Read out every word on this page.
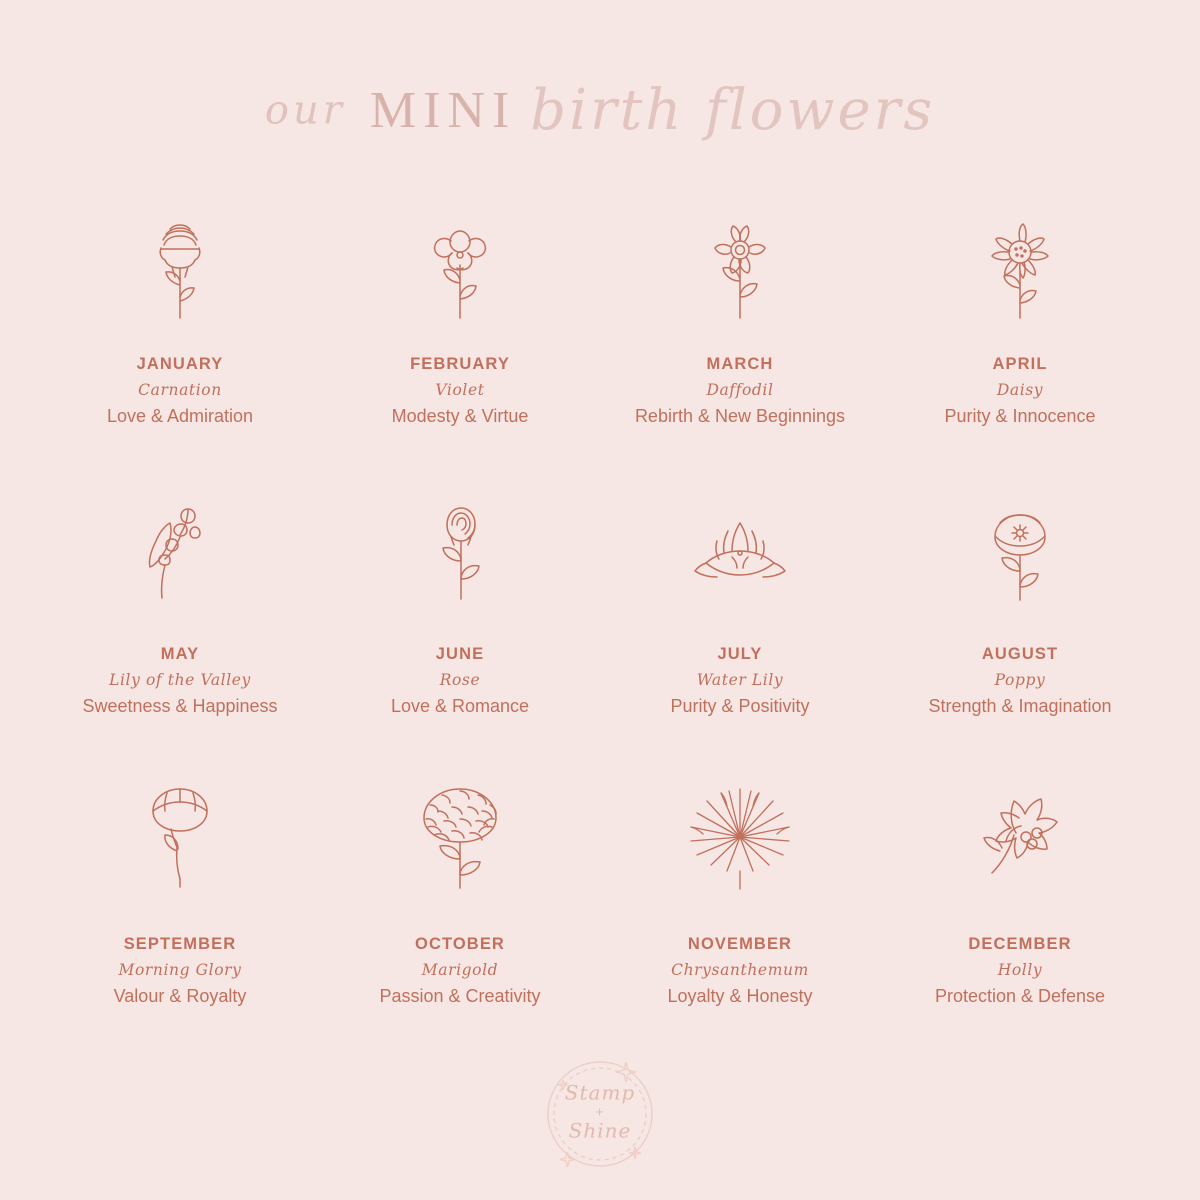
our MINI birth flowers
JANUARY
Carnation
Love & Admiration
FEBRUARY
Violet
Modesty & Virtue
MARCH
Daffodil
Rebirth & New Beginnings
APRIL
Daisy
Purity & Innocence
MAY
Lily of the Valley
Sweetness & Happiness
JUNE
Rose
Love & Romance
JULY
Water Lily
Purity & Positivity
AUGUST
Poppy
Strength & Imagination
SEPTEMBER
Morning Glory
Valour & Royalty
OCTOBER
Marigold
Passion & Creativity
NOVEMBER
Chrysanthemum
Loyalty & Honesty
DECEMBER
Holly
Protection & Defense
Stamp
+
Shine
